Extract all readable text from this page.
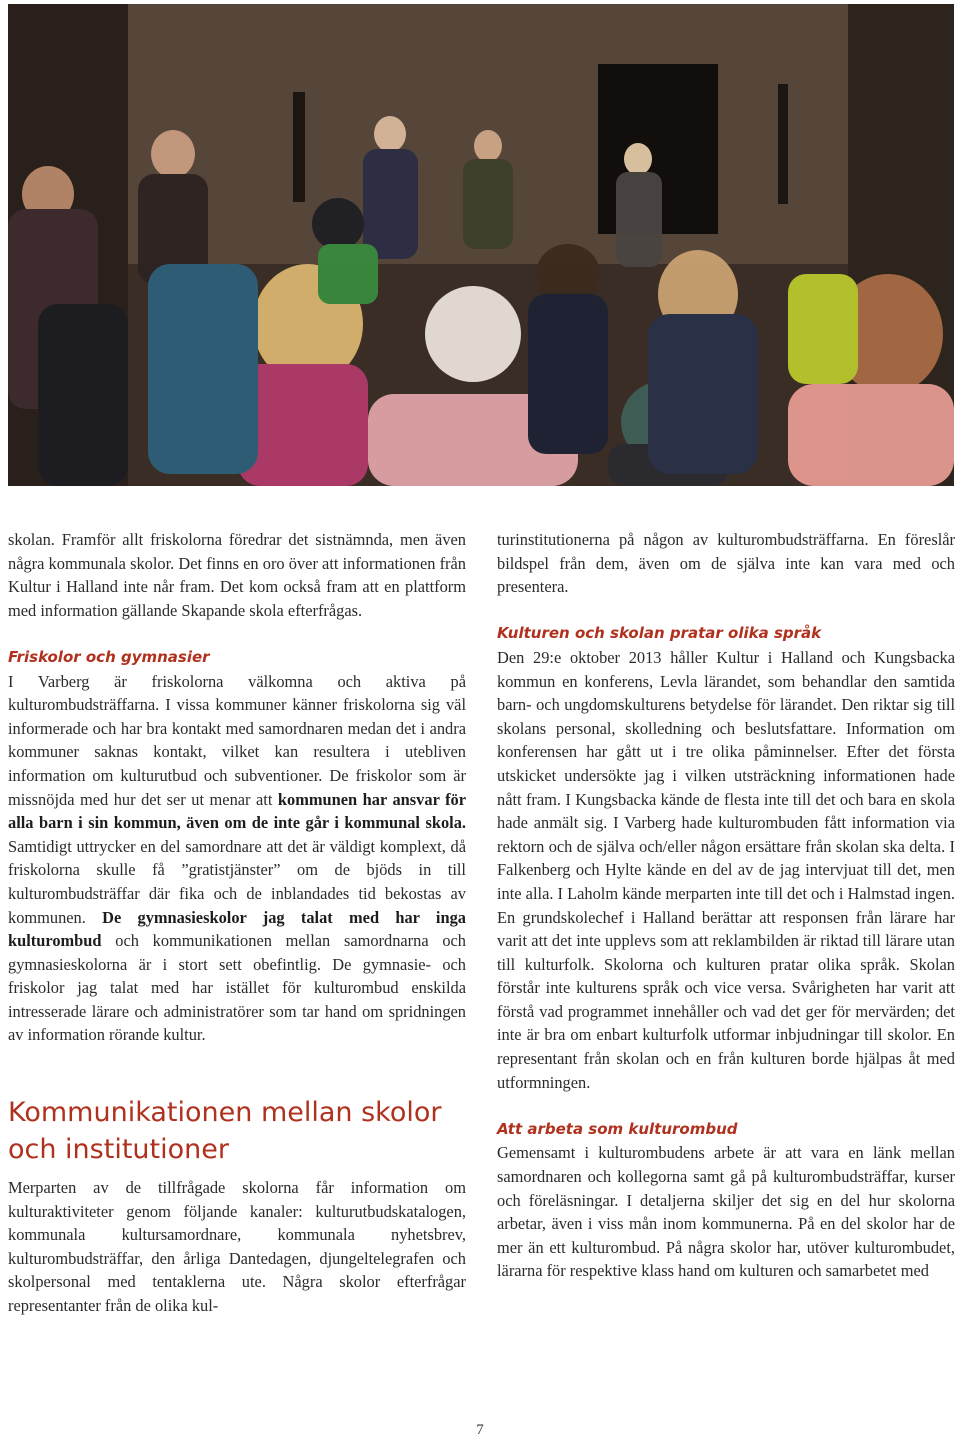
skolan. Framför allt friskolorna föredrar det sistnämnda, men även några kommunala skolor. Det finns en oro över att informationen från Kultur i Halland inte når fram. Det kom också fram att en plattform med information gällande Skapande skola efterfrågas.

Friskolor och gymnasier

I Varberg är friskolorna välkomna och aktiva på kulturombudsträffarna. I vissa kommuner känner friskolorna sig väl informerade och har bra kontakt med samordnaren medan det i andra kommuner saknas kontakt, vilket kan resultera i utebliven information om kulturutbud och subventioner. De friskolor som är missnöjda med hur det ser ut menar att kommunen har ansvar för alla barn i sin kommun, även om de inte går i kommunal skola. Samtidigt uttrycker en del samordnare att det är väldigt komplext, då friskolorna skulle få ”gratistjänster” om de bjöds in till kulturombudsträffar där fika och de inblandades tid bekostas av kommunen. De gymnasieskolor jag talat med har inga kulturombud och kommunikationen mellan samordnarna och gymnasieskolorna är i stort sett obefintlig. De gymnasie- och friskolor jag talat med har istället för kulturombud enskilda intresserade lärare och administratörer som tar hand om spridningen av information rörande kultur.

Kommunikationen mellan skolor och institutioner

Merparten av de tillfrågade skolorna får information om kulturaktiviteter genom följande kanaler: kulturutbudskatalogen, kommunala kultursamordnare, kommunala nyhetsbrev, kulturombudsträffar, den årliga Dantedagen, djungeltelegrafen och skolpersonal med tentaklerna ute. Några skolor efterfrågar representanter från de olika kul-

turinstitutionerna på någon av kulturombudsträffarna. En föreslår bildspel från dem, även om de själva inte kan vara med och presentera.

Kulturen och skolan pratar olika språk

Den 29:e oktober 2013 håller Kultur i Halland och Kungsbacka kommun en konferens, Levla lärandet, som behandlar den samtida barn- och ungdomskulturens betydelse för lärandet. Den riktar sig till skolans personal, skolledning och beslutsfattare. Information om konferensen har gått ut i tre olika påminnelser. Efter det första utskicket undersökte jag i vilken utsträckning informationen hade nått fram. I Kungsbacka kände de flesta inte till det och bara en skola hade anmält sig. I Varberg hade kulturombuden fått information via rektorn och de själva och/eller någon ersättare från skolan ska delta. I Falkenberg och Hylte kände en del av de jag intervjuat till det, men inte alla. I Laholm kände merparten inte till det och i Halmstad ingen. En grundskolechef i Halland berättar att responsen från lärare har varit att det inte upplevs som att reklambilden är riktad till lärare utan till kulturfolk. Skolorna och kulturen pratar olika språk. Skolan förstår inte kulturens språk och vice versa. Svårigheten har varit att förstå vad programmet innehåller och vad det ger för mervärden; det inte är bra om enbart kulturfolk utformar inbjudningar till skolor. En representant från skolan och en från kulturen borde hjälpas åt med utformningen.

Att arbeta som kulturombud

Gemensamt i kulturombudens arbete är att vara en länk mellan samordnaren och kollegorna samt gå på kulturombudsträffar, kurser och föreläsningar. I detaljerna skiljer det sig en del hur skolorna arbetar, även i viss mån inom kommunerna. På en del skolor har de mer än ett kulturombud. På några skolor har, utöver kulturombudet, lärarna för respektive klass hand om kulturen och samarbetet med

7
